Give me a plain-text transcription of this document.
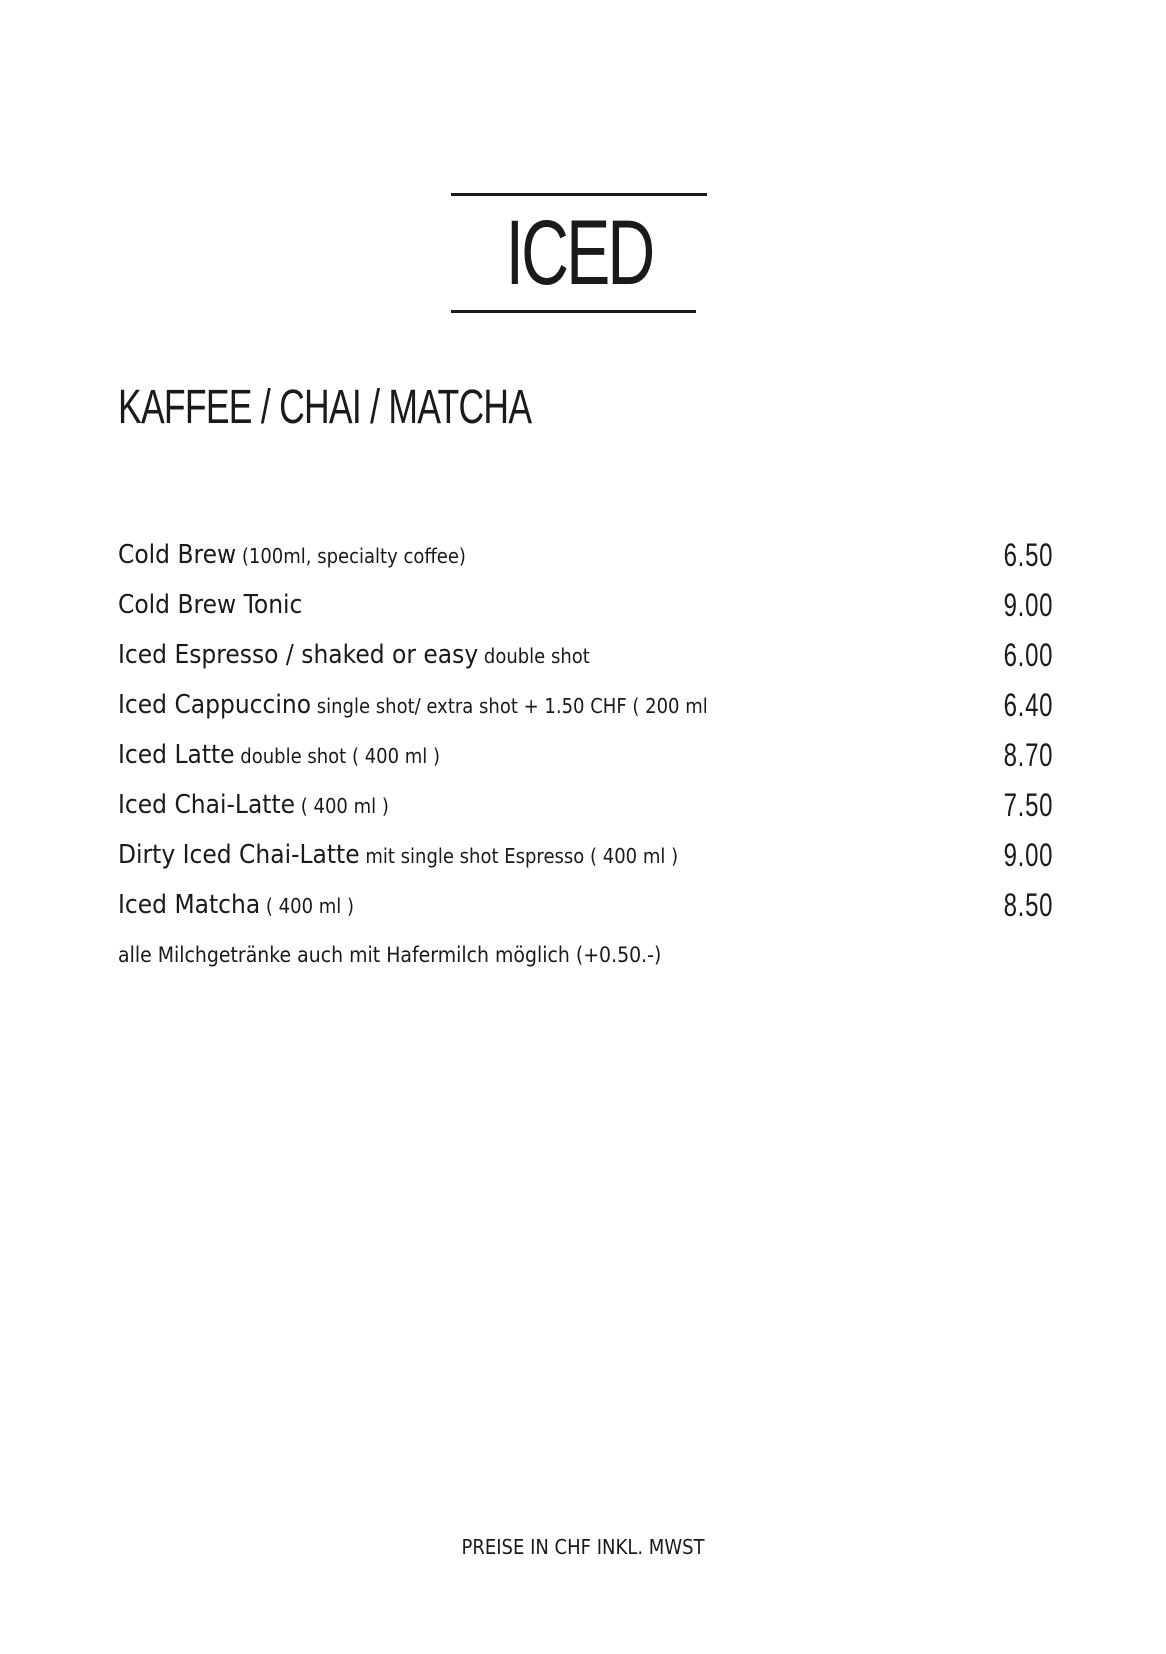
ICED
KAFFEE / CHAI / MATCHA
Cold Brew (100ml, specialty coffee)	6.50
Cold Brew Tonic	9.00
Iced Espresso / shaked or easy double shot	6.00
Iced Cappuccino single shot/ extra shot + 1.50 CHF ( 200 ml	6.40
Iced Latte double shot ( 400 ml )	8.70
Iced Chai-Latte ( 400 ml )	7.50
Dirty Iced Chai-Latte mit single shot Espresso ( 400 ml )	9.00
Iced Matcha ( 400 ml )	8.50
alle Milchgetränke auch mit Hafermilch möglich (+0.50.-)
PREISE IN CHF INKL. MWST
